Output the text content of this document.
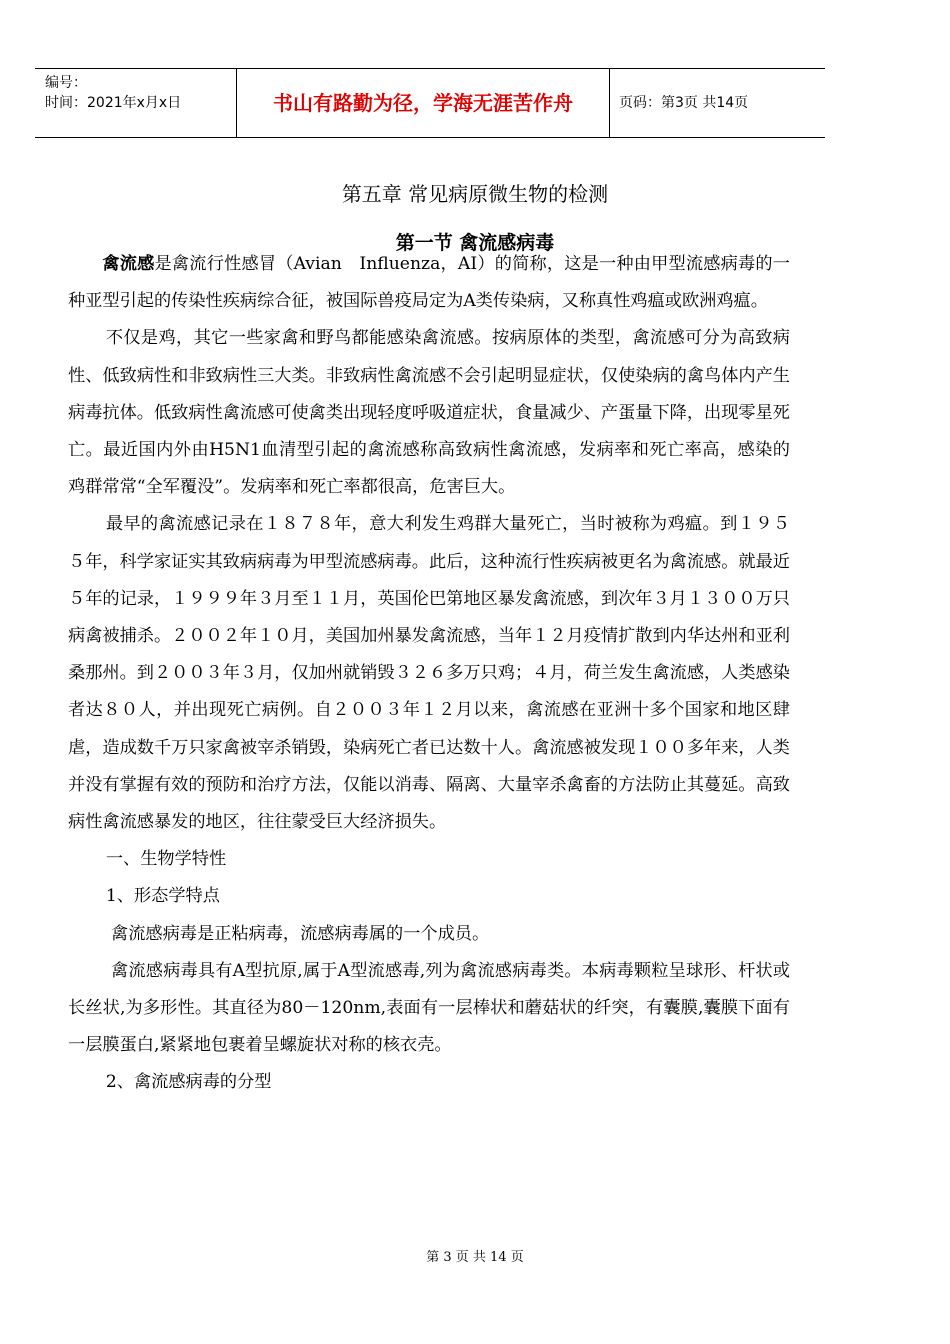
编号：
时间：2021年x月x日	书山有路勤为径，学海无涯苦作舟	页码：第3页 共14页
第五章 常见病原微生物的检测
第一节 禽流感病毒

禽流感是禽流行性感冒（Avian　Influenza，AI）的简称，这是一种由甲型流感病毒的一种亚型引起的传染性疾病综合征，被国际兽疫局定为A类传染病，又称真性鸡瘟或欧洲鸡瘟。

不仅是鸡，其它一些家禽和野鸟都能感染禽流感。按病原体的类型，禽流感可分为高致病性、低致病性和非致病性三大类。非致病性禽流感不会引起明显症状，仅使染病的禽鸟体内产生病毒抗体。低致病性禽流感可使禽类出现轻度呼吸道症状，食量减少、产蛋量下降，出现零星死亡。最近国内外由H5N1血清型引起的禽流感称高致病性禽流感，发病率和死亡率高，感染的鸡群常常“全军覆没”。发病率和死亡率都很高，危害巨大。

最早的禽流感记录在１８７８年，意大利发生鸡群大量死亡，当时被称为鸡瘟。到１９５５年，科学家证实其致病病毒为甲型流感病毒。此后，这种流行性疾病被更名为禽流感。就最近５年的记录，１９９９年３月至１１月，英国伦巴第地区暴发禽流感，到次年３月１３００万只病禽被捕杀。２００２年１０月，美国加州暴发禽流感，当年１２月疫情扩散到内华达州和亚利桑那州。到２００３年３月，仅加州就销毁３２６多万只鸡；４月，荷兰发生禽流感，人类感染者达８０人，并出现死亡病例。自２００３年１２月以来，禽流感在亚洲十多个国家和地区肆虐，造成数千万只家禽被宰杀销毁，染病死亡者已达数十人。禽流感被发现１００多年来，人类并没有掌握有效的预防和治疗方法，仅能以消毒、隔离、大量宰杀禽畜的方法防止其蔓延。高致病性禽流感暴发的地区，往往蒙受巨大经济损失。

一、生物学特性

1、形态学特点

禽流感病毒是正粘病毒，流感病毒属的一个成员。

禽流感病毒具有A型抗原,属于A型流感毒,列为禽流感病毒类。本病毒颗粒呈球形、杆状或长丝状,为多形性。其直径为80－120nm,表面有一层棒状和蘑菇状的纤突，有囊膜,囊膜下面有一层膜蛋白,紧紧地包裹着呈螺旋状对称的核衣壳。

2、禽流感病毒的分型

第 3 页 共 14 页
